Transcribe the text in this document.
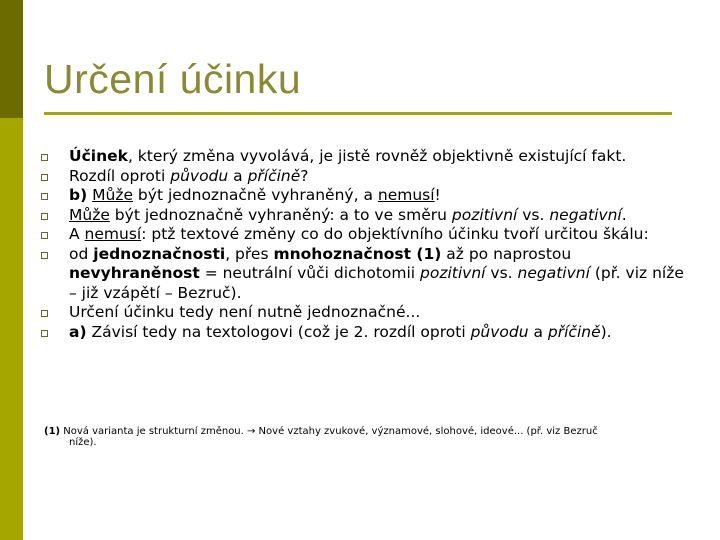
Určení účinku
Účinek, který změna vyvolává, je jistě rovněž objektivně existující fakt.
Rozdíl oproti původu a příčině?
b) Může být jednoznačně vyhraněný, a nemusí!
Může být jednoznačně vyhraněný: a to ve směru pozitivní vs. negativní.
A nemusí: ptž textové změny co do objektívního účinku tvoří určitou škálu:
od jednoznačnosti, přes mnohoznačnost (1) až po naprostou nevyhraněnost = neutrální vůči dichotomii pozitivní vs. negativní (př. viz níže – již vzápětí – Bezruč).
Určení účinku tedy není nutně jednoznačné...
a) Závisí tedy na textologovi (což je 2. rozdíl oproti původu a příčině).
(1) Nová varianta je strukturní změnou. → Nové vztahy zvukové, významové, slohové, ideové... (př. viz Bezruč
níže).
